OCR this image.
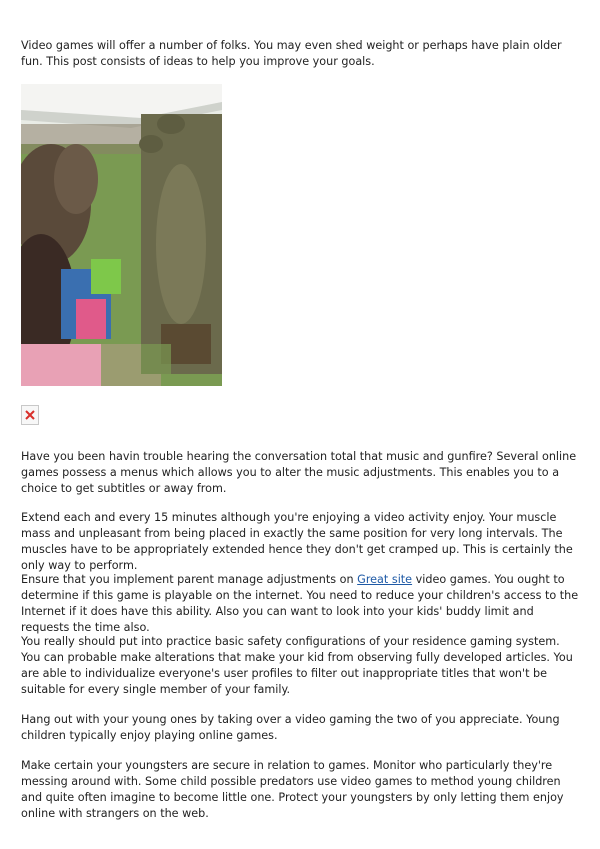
Video games will offer a number of folks. You may even shed weight or perhaps have plain older fun. This post consists of ideas to help you improve your goals.

Have you been havin trouble hearing the conversation total that music and gunfire? Several online games possess a menus which allows you to alter the music adjustments. This enables you to a choice to get subtitles or away from.

Extend each and every 15 minutes although you're enjoying a video activity enjoy. Your muscle mass and unpleasant from being placed in exactly the same position for very long intervals. The muscles have to be appropriately extended hence they don't get cramped up. This is certainly the only way to perform.

Ensure that you implement parent manage adjustments on Great site video games. You ought to determine if this game is playable on the internet. You need to reduce your children's access to the Internet if it does have this ability. Also you can want to look into your kids' buddy limit and requests the time also.

You really should put into practice basic safety configurations of your residence gaming system. You can probable make alterations that make your kid from observing fully developed articles. You are able to individualize everyone's user profiles to filter out inappropriate titles that won't be suitable for every single member of your family.

Hang out with your young ones by taking over a video gaming the two of you appreciate. Young children typically enjoy playing online games.

Make certain your youngsters are secure in relation to games. Monitor who particularly they're messing around with. Some child possible predators use video games to method young children and quite often imagine to become little one. Protect your youngsters by only letting them enjoy online with strangers on the web.
